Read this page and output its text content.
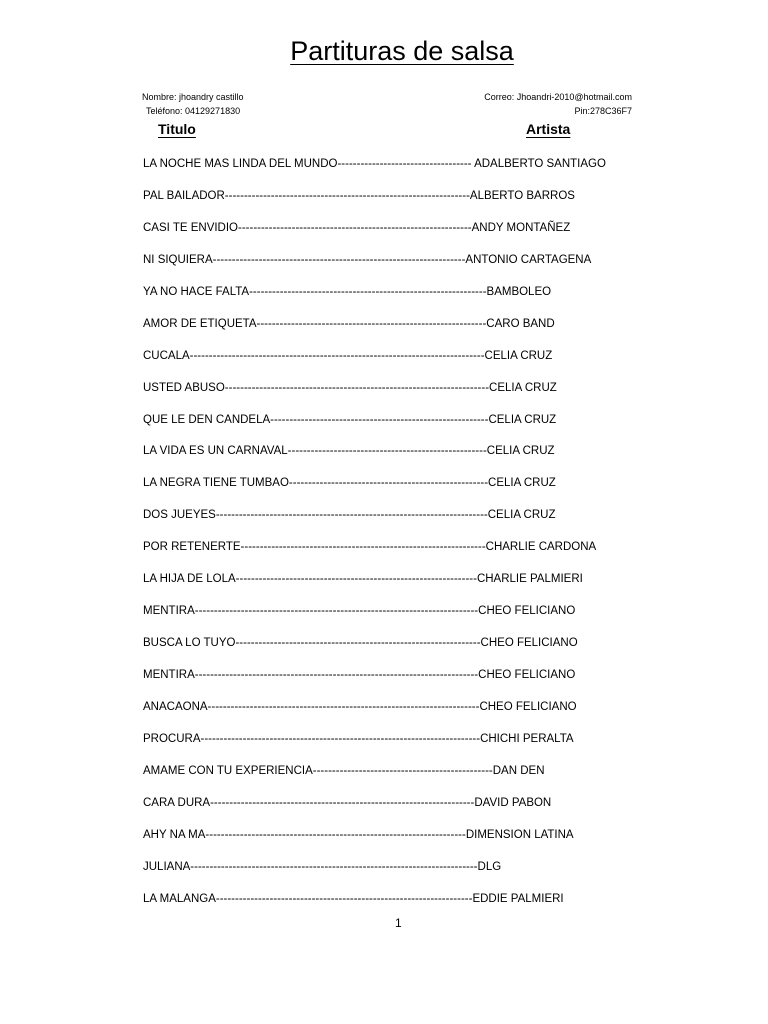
Partituras de salsa
Nombre: jhoandry castillo
Teléfono: 04129271830
Correo: Jhoandri-2010@hotmail.com
Pin:278C36F7
Titulo	Artista
LA NOCHE MAS LINDA DEL MUNDO----------------------------------- ADALBERTO SANTIAGO
PAL BAILADOR----------------------------------------------------------------ALBERTO BARROS
CASI TE ENVIDIO-------------------------------------------------------------ANDY MONTAÑEZ
NI SIQUIERA------------------------------------------------------------------ANTONIO CARTAGENA
YA NO HACE FALTA--------------------------------------------------------------BAMBOLEO
AMOR DE ETIQUETA------------------------------------------------------------CARO BAND
CUCALA-----------------------------------------------------------------------------CELIA CRUZ
USTED ABUSO---------------------------------------------------------------------CELIA CRUZ
QUE LE DEN CANDELA---------------------------------------------------------CELIA CRUZ
LA VIDA ES UN CARNAVAL----------------------------------------------------CELIA CRUZ
LA NEGRA TIENE TUMBAO----------------------------------------------------CELIA CRUZ
DOS JUEYES-----------------------------------------------------------------------CELIA CRUZ
POR RETENERTE----------------------------------------------------------------CHARLIE CARDONA
LA HIJA DE LOLA---------------------------------------------------------------CHARLIE PALMIERI
MENTIRA--------------------------------------------------------------------------CHEO FELICIANO
BUSCA LO TUYO----------------------------------------------------------------CHEO FELICIANO
MENTIRA--------------------------------------------------------------------------CHEO FELICIANO
ANACAONA-----------------------------------------------------------------------CHEO FELICIANO
PROCURA-------------------------------------------------------------------------CHICHI PERALTA
AMAME CON TU EXPERIENCIA-----------------------------------------------DAN DEN
CARA DURA---------------------------------------------------------------------DAVID PABON
AHY NA MA--------------------------------------------------------------------DIMENSION LATINA
JULIANA---------------------------------------------------------------------------DLG
LA MALANGA-------------------------------------------------------------------EDDIE PALMIERI
1
